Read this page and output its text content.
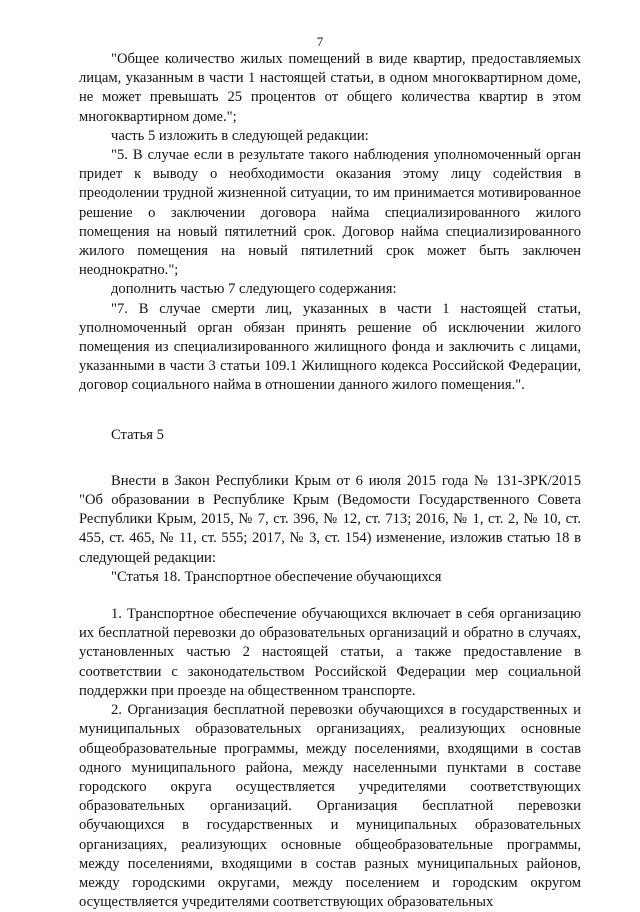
7

"Общее количество жилых помещений в виде квартир, предоставляемых лицам, указанным в части 1 настоящей статьи, в одном многоквартирном доме, не может превышать 25 процентов от общего количества квартир в этом многоквартирном доме.";

часть 5 изложить в следующей редакции:

"5. В случае если в результате такого наблюдения уполномоченный орган придет к выводу о необходимости оказания этому лицу содействия в преодолении трудной жизненной ситуации, то им принимается мотивированное решение о заключении договора найма специализированного жилого помещения на новый пятилетний срок. Договор найма специализированного жилого помещения на новый пятилетний срок может быть заключен неоднократно.";

дополнить частью 7 следующего содержания:

"7. В случае смерти лиц, указанных в части 1 настоящей статьи, уполномоченный орган обязан принять решение об исключении жилого помещения из специализированного жилищного фонда и заключить с лицами, указанными в части 3 статьи 109.1 Жилищного кодекса Российской Федерации, договор социального найма в отношении данного жилого помещения.".

Статья 5

Внести в Закон Республики Крым от 6 июля 2015 года № 131-ЗРК/2015 "Об образовании в Республике Крым (Ведомости Государственного Совета Республики Крым, 2015, № 7, ст. 396, № 12, ст. 713; 2016, № 1, ст. 2, № 10, ст. 455, ст. 465, № 11, ст. 555; 2017, № 3, ст. 154) изменение, изложив статью 18 в следующей редакции:

"Статья 18. Транспортное обеспечение обучающихся

1. Транспортное обеспечение обучающихся включает в себя организацию их бесплатной перевозки до образовательных организаций и обратно в случаях, установленных частью 2 настоящей статьи, а также предоставление в соответствии с законодательством Российской Федерации мер социальной поддержки при проезде на общественном транспорте.

2. Организация бесплатной перевозки обучающихся в государственных и муниципальных образовательных организациях, реализующих основные общеобразовательные программы, между поселениями, входящими в состав одного муниципального района, между населенными пунктами в составе городского округа осуществляется учредителями соответствующих образовательных организаций. Организация бесплатной перевозки обучающихся в государственных и муниципальных образовательных организациях, реализующих основные общеобразовательные программы, между поселениями, входящими в состав разных муниципальных районов, между городскими округами, между поселением и городским округом осуществляется учредителями соответствующих образовательных
